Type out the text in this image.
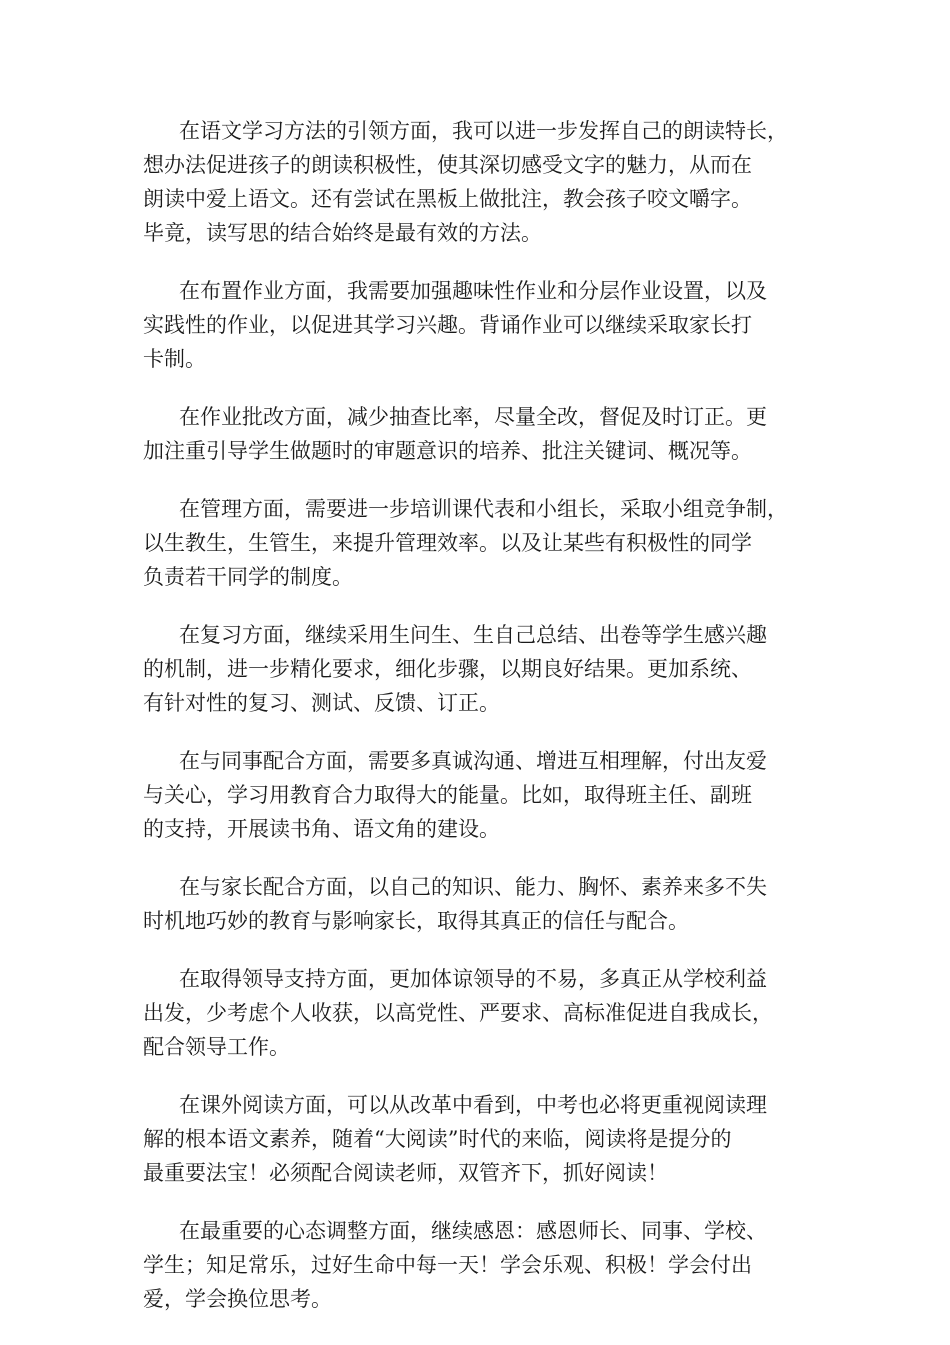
在语文学习方法的引领方面，我可以进一步发挥自己的朗读特长，
想办法促进孩子的朗读积极性，使其深切感受文字的魅力，从而在
朗读中爱上语文。还有尝试在黑板上做批注，教会孩子咬文嚼字。
毕竟，读写思的结合始终是最有效的方法。

在布置作业方面，我需要加强趣味性作业和分层作业设置，以及
实践性的作业，以促进其学习兴趣。背诵作业可以继续采取家长打
卡制。

在作业批改方面，减少抽查比率，尽量全改，督促及时订正。更
加注重引导学生做题时的审题意识的培养、批注关键词、概况等。

在管理方面，需要进一步培训课代表和小组长，采取小组竞争制，
以生教生，生管生，来提升管理效率。以及让某些有积极性的同学
负责若干同学的制度。

在复习方面，继续采用生问生、生自己总结、出卷等学生感兴趣
的机制，进一步精化要求，细化步骤，以期良好结果。更加系统、
有针对性的复习、测试、反馈、订正。

在与同事配合方面，需要多真诚沟通、增进互相理解，付出友爱
与关心，学习用教育合力取得大的能量。比如，取得班主任、副班
的支持，开展读书角、语文角的建设。

在与家长配合方面，以自己的知识、能力、胸怀、素养来多不失
时机地巧妙的教育与影响家长，取得其真正的信任与配合。

在取得领导支持方面，更加体谅领导的不易，多真正从学校利益
出发，少考虑个人收获，以高党性、严要求、高标准促进自我成长，
配合领导工作。

在课外阅读方面，可以从改革中看到，中考也必将更重视阅读理
解的根本语文素养，随着“大阅读”时代的来临，阅读将是提分的
最重要法宝！必须配合阅读老师，双管齐下，抓好阅读！

在最重要的心态调整方面，继续感恩：感恩师长、同事、学校、
学生；知足常乐，过好生命中每一天！学会乐观、积极！学会付出
爱，学会换位思考。
